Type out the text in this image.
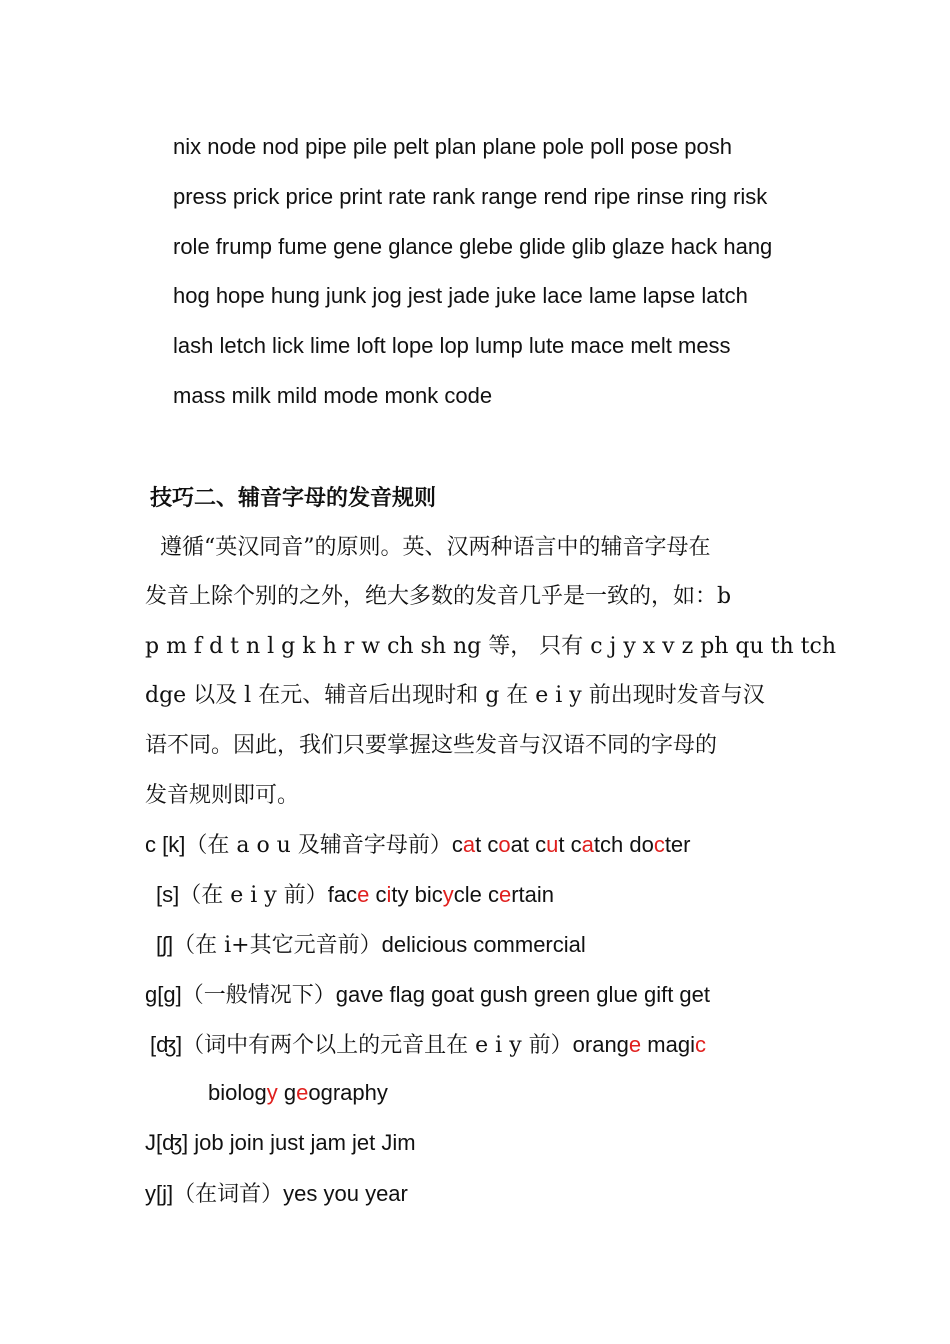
nix node nod pipe pile pelt plan plane pole poll pose posh
press prick price print rate rank range rend ripe rinse ring risk
role frump fume gene glance glebe glide glib glaze hack hang
hog hope hung junk jog jest jade juke lace lame lapse latch
lash letch lick lime loft lope lop lump lute mace melt mess
mass milk mild mode monk code
技巧二、辅音字母的发音规则
遵循“英汉同音”的原则。英、汉两种语言中的辅音字母在
发音上除个别的之外，绝大多数的发音几乎是一致的，如：b
p m f d t n l g k h r w ch sh ng 等， 只有 c j y x v z ph qu th tch
dge 以及 l 在元、辅音后出现时和 g 在 e i y 前出现时发音与汉
语不同。因此，我们只要掌握这些发音与汉语不同的字母的
发音规则即可。
c [k]（在 a o u 及辅音字母前）cat coat cut catch docter
[s]（在 e i y 前）face city bicycle certain
[ʃ]（在 i+其它元音前）delicious commercial
g[g]（一般情况下）gave flag goat gush green glue gift get
[ʤ]（词中有两个以上的元音且在 e i y 前）orange magic
biology geography
J[ʤ] job join just jam jet Jim
y[j]（在词首）yes you year
